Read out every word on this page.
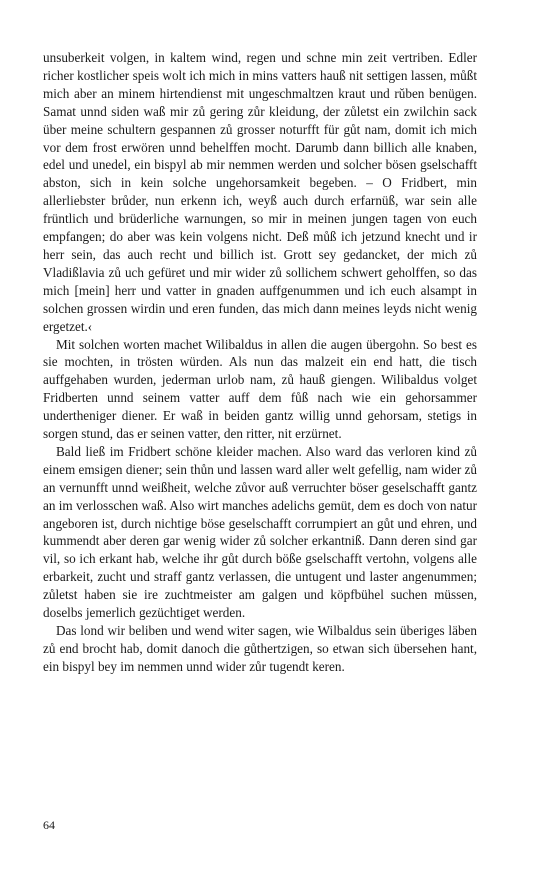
unsuberkeit volgen, in kaltem wind, regen und schne min zeit vertriben. Edler richer kostlicher speis wolt ich mich in mins vatters hauß nit settigen lassen, můßt mich aber an minem hirtendienst mit ungeschmaltzen kraut und rǔben benügen. Samat unnd siden waß mir zů gering zůr kleidung, der zůletst ein zwilchin sack über meine schultern gespannen zů grosser noturfft für gůt nam, domit ich mich vor dem frost erwören unnd behelffen mocht. Darumb dann billich alle knaben, edel und unedel, ein bispyl ab mir nemmen werden und solcher bösen gselschafft abston, sich in kein solche ungehorsamkeit begeben. – O Fridbert, min allerliebster brůder, nun erkenn ich, weyß auch durch erfarnüß, war sein alle früntlich und brüderliche warnungen, so mir in meinen jungen tagen von euch empfangen; do aber was kein volgens nicht. Deß můß ich jetzund knecht und ir herr sein, das auch recht und billich ist. Grott sey gedancket, der mich zů Vladißlavia zů uch gefüret und mir wider zů sollichem schwert geholffen, so das mich [mein] herr und vatter in gnaden auffgenummen und ich euch alsampt in solchen grossen wirdin und eren funden, das mich dann meines leyds nicht wenig ergetzet.‹

Mit solchen worten machet Wilibaldus in allen die augen übergohn. So best es sie mochten, in trösten würden. Als nun das malzeit ein end hatt, die tisch auffgehaben wurden, jederman urlob nam, zů hauß giengen. Wilibaldus volget Fridberten unnd seinem vatter auff dem fůß nach wie ein gehorsammer undertheniger diener. Er waß in beiden gantz willig unnd gehorsam, stetigs in sorgen stund, das er seinen vatter, den ritter, nit erzürnet.

Bald ließ im Fridbert schöne kleider machen. Also ward das verloren kind zů einem emsigen diener; sein thůn und lassen ward aller welt gefellig, nam wider zů an vernunfft unnd weißheit, welche zůvor auß verruchter böser geselschafft gantz an im verlosschen waß. Also wirt manches adelichs gemüt, dem es doch von natur angeboren ist, durch nichtige böse geselschafft corrumpiert an gůt und ehren, und kummendt aber deren gar wenig wider zů solcher erkantniß. Dann deren sind gar vil, so ich erkant hab, welche ihr gůt durch böße gselschafft vertohn, volgens alle erbarkeit, zucht und straff gantz verlassen, die untugent und laster angenummen; zůletst haben sie ire zuchtmeister am galgen und köpfbühel suchen müssen, doselbs jemerlich gezüchtiget werden.

Das lond wir beliben und wend witer sagen, wie Wilbaldus sein überiges läben zů end brocht hab, domit danoch die gůthertzigen, so etwan sich übersehen hant, ein bispyl bey im nemmen unnd wider zůr tugendt keren.

64
